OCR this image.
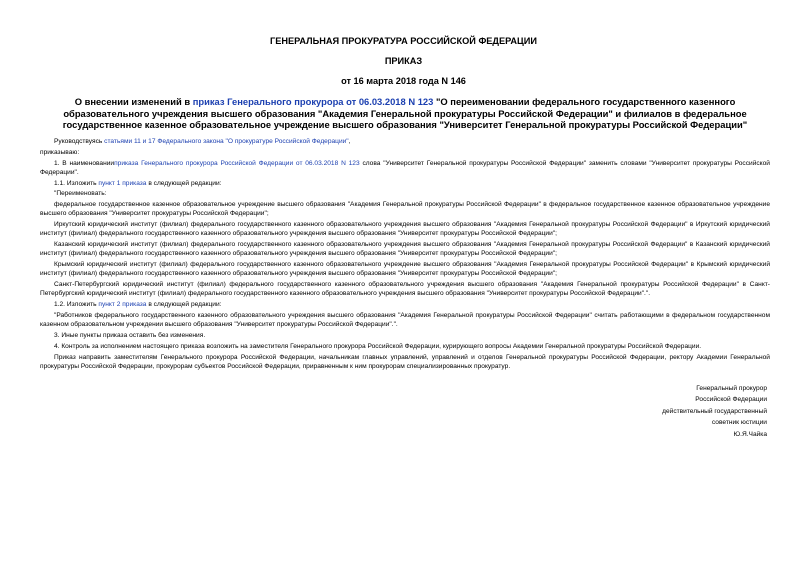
ГЕНЕРАЛЬНАЯ ПРОКУРАТУРА РОССИЙСКОЙ ФЕДЕРАЦИИ
ПРИКАЗ
от 16 марта 2018 года N 146
О внесении изменений в приказ Генерального прокурора от 06.03.2018 N 123 "О переименовании федерального государственного казенного образовательного учреждения высшего образования "Академия Генеральной прокуратуры Российской Федерации" и филиалов в федеральное государственное казенное образовательное учреждение высшего образования "Университет Генеральной прокуратуры Российской Федерации"

Руководствуясь статьями 11 и 17 Федерального закона "О прокуратуре Российской Федерации",

приказываю:

1. В наименованииприказа Генерального прокурора Российской Федерации от 06.03.2018 N 123 слова "Университет Генеральной прокуратуры Российской Федерации" заменить словами "Университет прокуратуры Российской Федерации".

1.1. Изложить пункт 1 приказа в следующей редакции:

"Переименовать:

федеральное государственное казенное образовательное учреждение высшего образования "Академия Генеральной прокуратуры Российской Федерации" в федеральное государственное казенное образовательное учреждение высшего образования "Университет прокуратуры Российской Федерации";

Иркутский юридический институт (филиал) федерального государственного казенного образовательного учреждения высшего образования "Академия Генеральной прокуратуры Российской Федерации" в Иркутский юридический институт (филиал) федерального государственного казенного образовательного учреждения высшего образования "Университет прокуратуры Российской Федерации";

Казанский юридический институт (филиал) федерального государственного казенного образовательного учреждения высшего образования "Академия Генеральной прокуратуры Российской Федерации" в Казанский юридический институт (филиал) федерального государственного казенного образовательного учреждения высшего образования "Университет прокуратуры Российской Федерации";

Крымский юридический институт (филиал) федерального государственного казенного образовательного учреждение высшего образования "Академия Генеральной прокуратуры Российской Федерации" в Крымский юридический институт (филиал) федерального государственного казенного образовательного учреждения высшего образования "Университет прокуратуры Российской Федерации";

Санкт-Петербургский юридический институт (филиал) федерального государственного казенного образовательного учреждения высшего образования "Академия Генеральной прокуратуры Российской Федерации" в Санкт-Петербургский юридический институт (филиал) федерального государственного казенного образовательного учреждения высшего образования "Университет прокуратуры Российской Федерации".".

1.2. Изложить пункт 2 приказа в следующей редакции:

"Работников федерального государственного казенного образовательного учреждения высшего образования "Академия Генеральной прокуратуры Российской Федерации" считать работающими в федеральном государственном казенном образовательном учреждении высшего образования "Университет прокуратуры Российской Федерации".".

3. Иные пункты приказа оставить без изменения.

4. Контроль за исполнением настоящего приказа возложить на заместителя Генерального прокурора Российской Федерации, курирующего вопросы Академии Генеральной прокуратуры Российской Федерации.

Приказ направить заместителям Генерального прокурора Российской Федерации, начальникам главных управлений, управлений и отделов Генеральной прокуратуры Российской Федерации, ректору Академии Генеральной прокуратуры Российской Федерации, прокурорам субъектов Российской Федерации, приравненным к ним прокурорам специализированных прокуратур.

Генеральный прокурор
Российской Федерации
действительный государственный
советник юстиции
Ю.Я.Чайка
